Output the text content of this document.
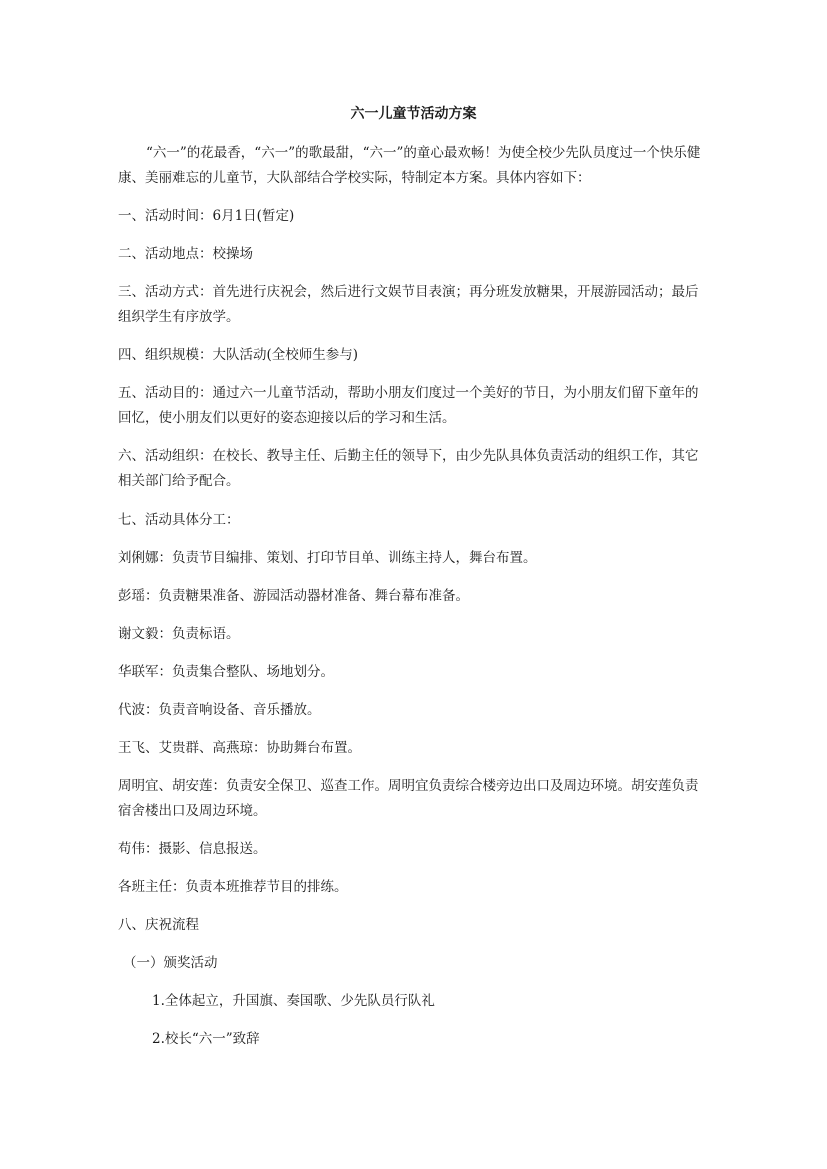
六一儿童节活动方案

“六一”的花最香，“六一”的歌最甜，“六一”的童心最欢畅！为使全校少先队员度过一个快乐健康、美丽难忘的儿童节，大队部结合学校实际，特制定本方案。具体内容如下：

一、活动时间：6月1日(暂定)

二、活动地点：校操场

三、活动方式：首先进行庆祝会，然后进行文娱节目表演；再分班发放糖果，开展游园活动；最后组织学生有序放学。

四、组织规模：大队活动(全校师生参与)

五、活动目的：通过六一儿童节活动，帮助小朋友们度过一个美好的节日，为小朋友们留下童年的回忆，使小朋友们以更好的姿态迎接以后的学习和生活。

六、活动组织：在校长、教导主任、后勤主任的领导下，由少先队具体负责活动的组织工作，其它相关部门给予配合。

七、活动具体分工：

刘俐娜：负责节目编排、策划、打印节目单、训练主持人，舞台布置。

彭瑶：负责糖果准备、游园活动器材准备、舞台幕布准备。

谢文毅：负责标语。

华联军：负责集合整队、场地划分。

代波：负责音响设备、音乐播放。

王飞、艾贵群、高燕琼：协助舞台布置。

周明宜、胡安莲：负责安全保卫、巡查工作。周明宜负责综合楼旁边出口及周边环境。胡安莲负责宿舍楼出口及周边环境。

苟伟：摄影、信息报送。

各班主任：负责本班推荐节目的排练。

八、庆祝流程

（一）颁奖活动

1.全体起立，升国旗、奏国歌、少先队员行队礼

2.校长“六一”致辞
